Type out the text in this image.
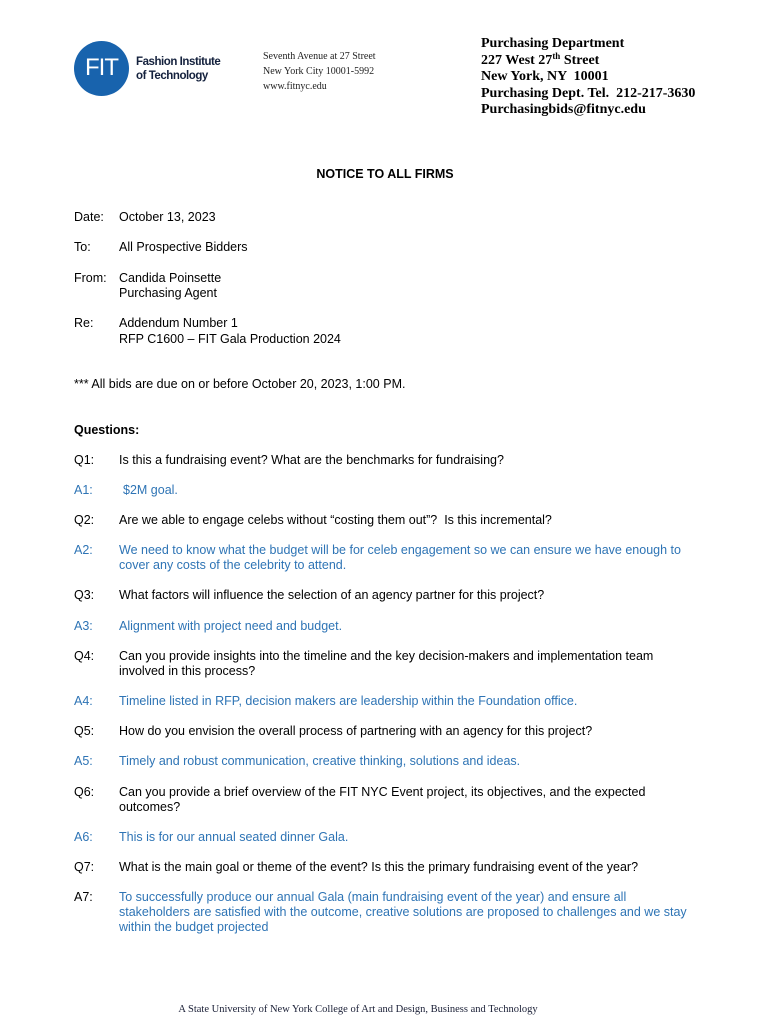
FIT Fashion Institute
of Technology
Seventh Avenue at 27 Street
New York City 10001-5992
www.fitnyc.edu
Purchasing Department
227 West 27th Street
New York, NY  10001
Purchasing Dept. Tel.  212-217-3630
Purchasingbids@fitnyc.edu
NOTICE TO ALL FIRMS
Date:	October 13, 2023
To:	All Prospective Bidders
From: Candida Poinsette
Purchasing Agent
Re:	Addendum Number 1
RFP C1600 – FIT Gala Production 2024
*** All bids are due on or before October 20, 2023, 1:00 PM.
Questions:
Q1:	Is this a fundraising event? What are the benchmarks for fundraising?
A1:	$2M goal.
Q2:	Are we able to engage celebs without “costing them out”?  Is this incremental?
A2:	We need to know what the budget will be for celeb engagement so we can ensure we have enough to
cover any costs of the celebrity to attend.
Q3:	What factors will influence the selection of an agency partner for this project?
A3:	Alignment with project need and budget.
Q4:	Can you provide insights into the timeline and the key decision-makers and implementation team
involved in this process?
A4:	Timeline listed in RFP, decision makers are leadership within the Foundation office.
Q5:	How do you envision the overall process of partnering with an agency for this project?
A5:	Timely and robust communication, creative thinking, solutions and ideas.
Q6:	Can you provide a brief overview of the FIT NYC Event project, its objectives, and the expected
outcomes?
A6:	This is for our annual seated dinner Gala.
Q7:	What is the main goal or theme of the event? Is this the primary fundraising event of the year?
A7:	To successfully produce our annual Gala (main fundraising event of the year) and ensure all
stakeholders are satisfied with the outcome, creative solutions are proposed to challenges and we stay
within the budget projected
A State University of New York College of Art and Design, Business and Technology
